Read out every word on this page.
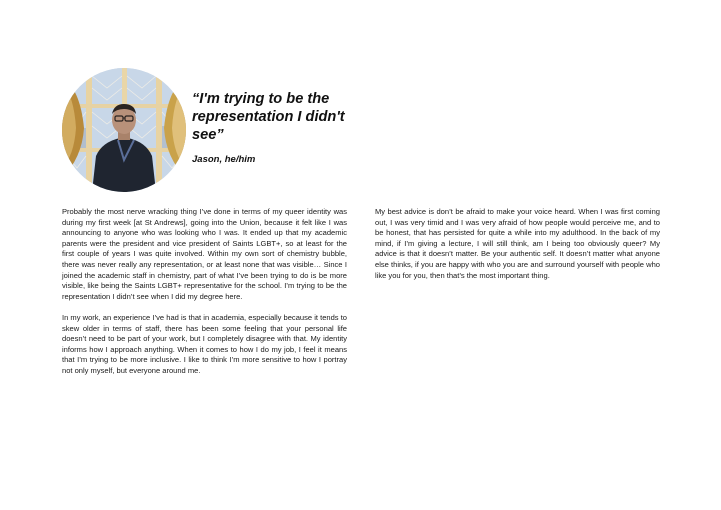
“I'm trying to be the representation I didn't see”

Jason, he/him

Probably the most nerve wracking thing I’ve done in terms of my queer identity was during my first week [at St Andrews], going into the Union, because it felt like I was announcing to anyone who was looking who I was. It ended up that my academic parents were the president and vice president of Saints LGBT+, so at least for the first couple of years I was quite involved. Within my own sort of chemistry bubble, there was never really any representation, or at least none that was visible… Since I joined the academic staff in chemistry, part of what I’ve been trying to do is be more visible, like being the Saints LGBT+ representative for the school. I’m trying to be the representation I didn’t see when I did my degree here.

In my work, an experience I’ve had is that in academia, especially because it tends to skew older in terms of staff, there has been some feeling that your personal life doesn’t need to be part of your work, but I completely disagree with that. My identity informs how I approach anything. When it comes to how I do my job, I feel it means that I’m trying to be more inclusive. I like to think I’m more sensitive to how I portray not only myself, but everyone around me.

My best advice is don’t be afraid to make your voice heard. When I was first coming out, I was very timid and I was very afraid of how people would perceive me, and to be honest, that has persisted for quite a while into my adulthood. In the back of my mind, if I’m giving a lecture, I will still think, am I being too obviously queer? My advice is that it doesn’t matter. Be your authentic self. It doesn’t matter what anyone else thinks, if you are happy with who you are and surround yourself with people who like you for you, then that’s the most important thing.
